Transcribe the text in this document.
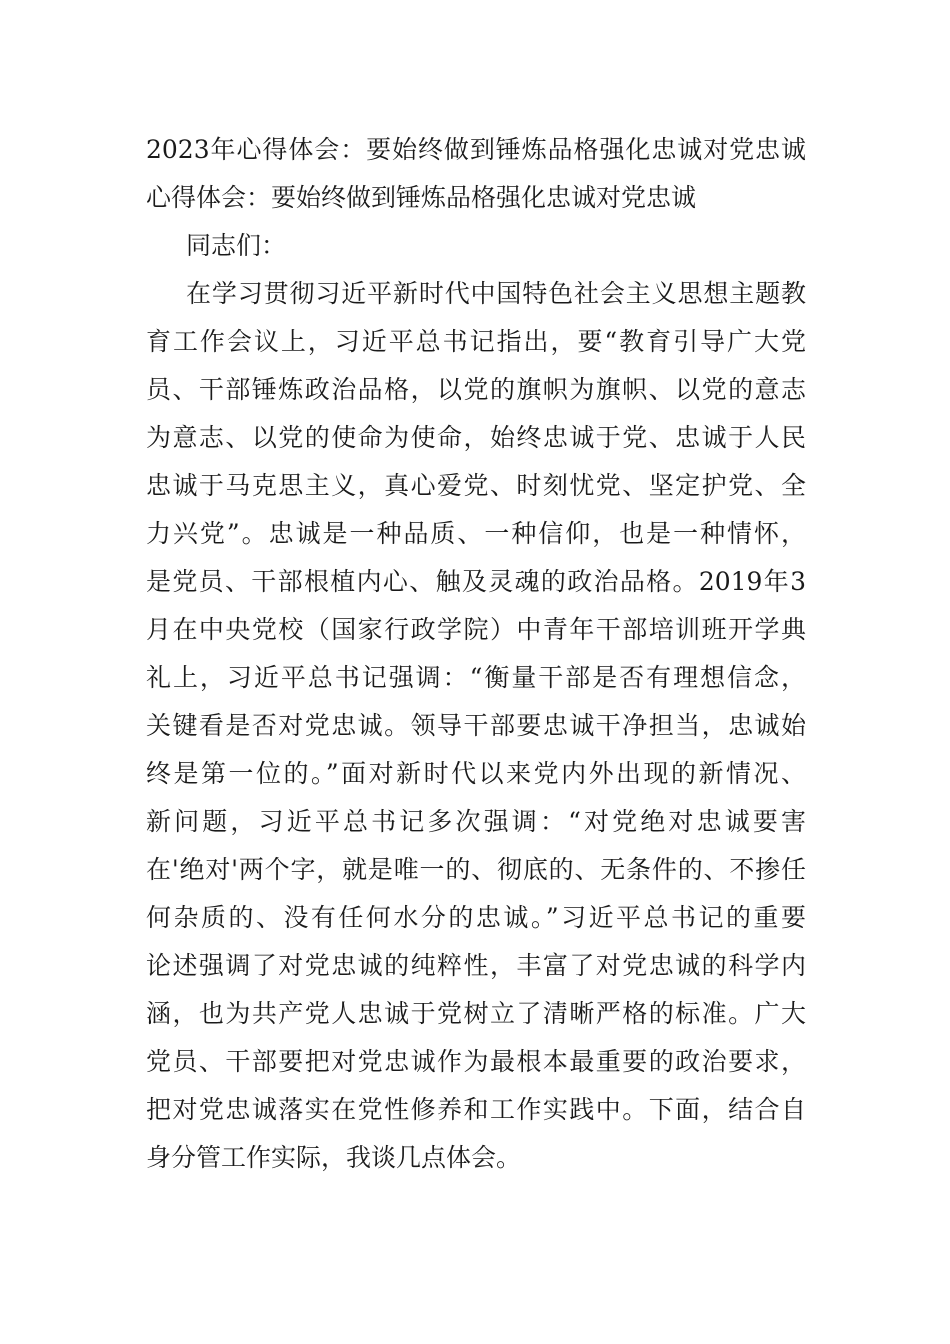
2023年心得体会：要始终做到锤炼品格强化忠诚对党忠诚
心得体会：要始终做到锤炼品格强化忠诚对党忠诚
同志们：
在学习贯彻习近平新时代中国特色社会主义思想主题教
育工作会议上，习近平总书记指出，要“教育引导广大党
员、干部锤炼政治品格，以党的旗帜为旗帜、以党的意志
为意志、以党的使命为使命，始终忠诚于党、忠诚于人民
忠诚于马克思主义，真心爱党、时刻忧党、坚定护党、全
力兴党”。忠诚是一种品质、一种信仰，也是一种情怀，
是党员、干部根植内心、触及灵魂的政治品格。2019年3
月在中央党校（国家行政学院）中青年干部培训班开学典
礼上，习近平总书记强调：“衡量干部是否有理想信念，
关键看是否对党忠诚。领导干部要忠诚干净担当，忠诚始
终是第一位的。”面对新时代以来党内外出现的新情况、
新问题，习近平总书记多次强调：“对党绝对忠诚要害
在'绝对'两个字，就是唯一的、彻底的、无条件的、不掺任
何杂质的、没有任何水分的忠诚。”习近平总书记的重要
论述强调了对党忠诚的纯粹性，丰富了对党忠诚的科学内
涵，也为共产党人忠诚于党树立了清晰严格的标准。广大
党员、干部要把对党忠诚作为最根本最重要的政治要求，
把对党忠诚落实在党性修养和工作实践中。下面，结合自
身分管工作实际，我谈几点体会。
